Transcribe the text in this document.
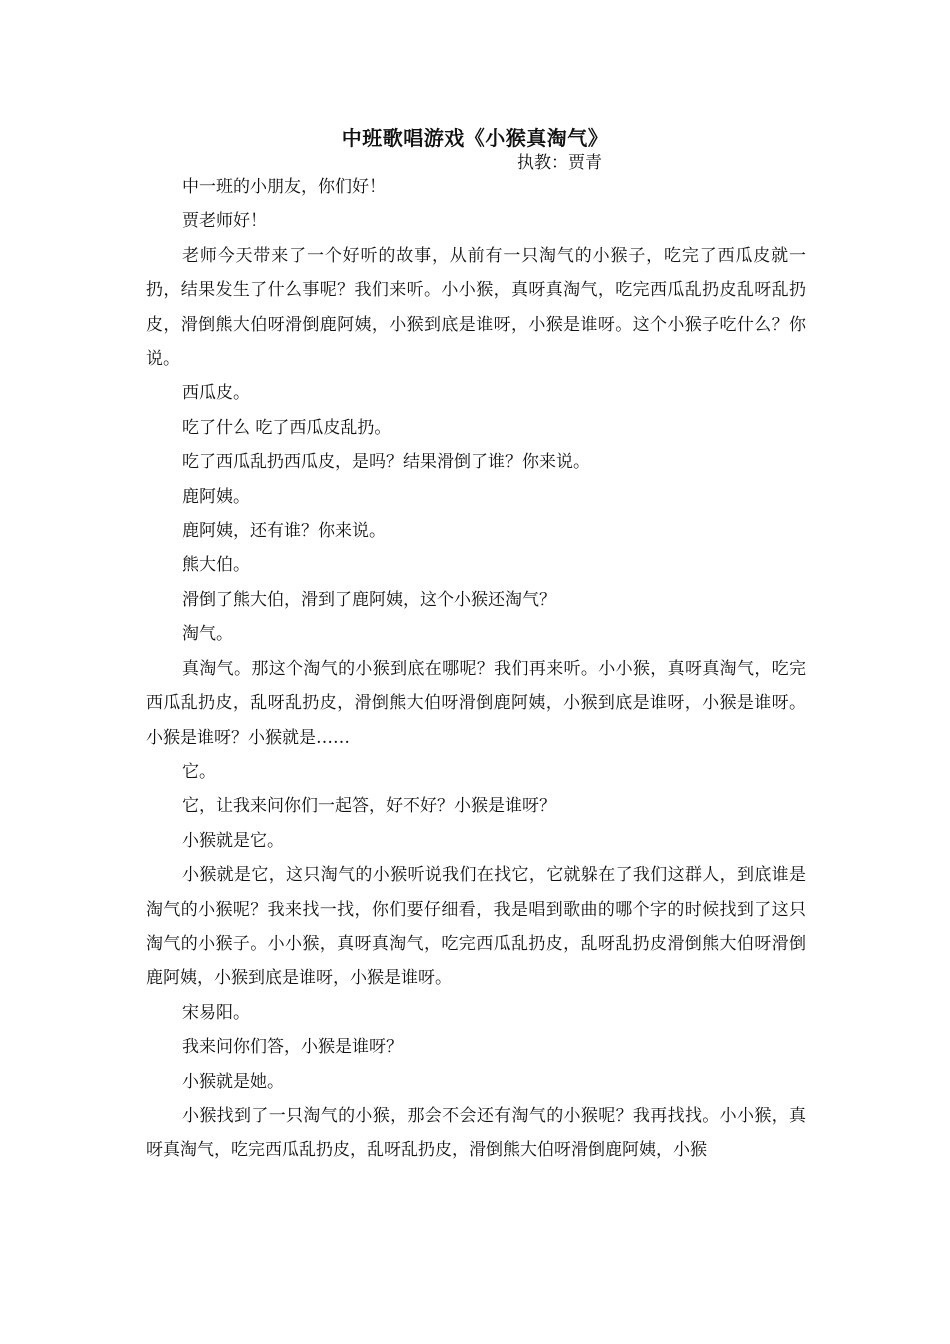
中班歌唱游戏《小猴真淘气》
执教：贾青

中一班的小朋友，你们好！

贾老师好！

老师今天带来了一个好听的故事，从前有一只淘气的小猴子，吃完了西瓜皮就一扔，结果发生了什么事呢？我们来听。小小猴，真呀真淘气，吃完西瓜乱扔皮乱呀乱扔皮，滑倒熊大伯呀滑倒鹿阿姨，小猴到底是谁呀，小猴是谁呀。这个小猴子吃什么？你说。

西瓜皮。

吃了什么 吃了西瓜皮乱扔。

吃了西瓜乱扔西瓜皮，是吗？结果滑倒了谁？你来说。

鹿阿姨。

鹿阿姨，还有谁？你来说。

熊大伯。

滑倒了熊大伯，滑到了鹿阿姨，这个小猴还淘气？

淘气。

真淘气。那这个淘气的小猴到底在哪呢？我们再来听。小小猴，真呀真淘气，吃完西瓜乱扔皮，乱呀乱扔皮，滑倒熊大伯呀滑倒鹿阿姨，小猴到底是谁呀，小猴是谁呀。小猴是谁呀？小猴就是……

它。

它，让我来问你们一起答，好不好？小猴是谁呀？

小猴就是它。

小猴就是它，这只淘气的小猴听说我们在找它，它就躲在了我们这群人，到底谁是淘气的小猴呢？我来找一找，你们要仔细看，我是唱到歌曲的哪个字的时候找到了这只淘气的小猴子。小小猴，真呀真淘气，吃完西瓜乱扔皮，乱呀乱扔皮滑倒熊大伯呀滑倒鹿阿姨，小猴到底是谁呀，小猴是谁呀。

宋易阳。

我来问你们答，小猴是谁呀？

小猴就是她。

小猴找到了一只淘气的小猴，那会不会还有淘气的小猴呢？我再找找。小小猴，真呀真淘气，吃完西瓜乱扔皮，乱呀乱扔皮，滑倒熊大伯呀滑倒鹿阿姨，小猴
